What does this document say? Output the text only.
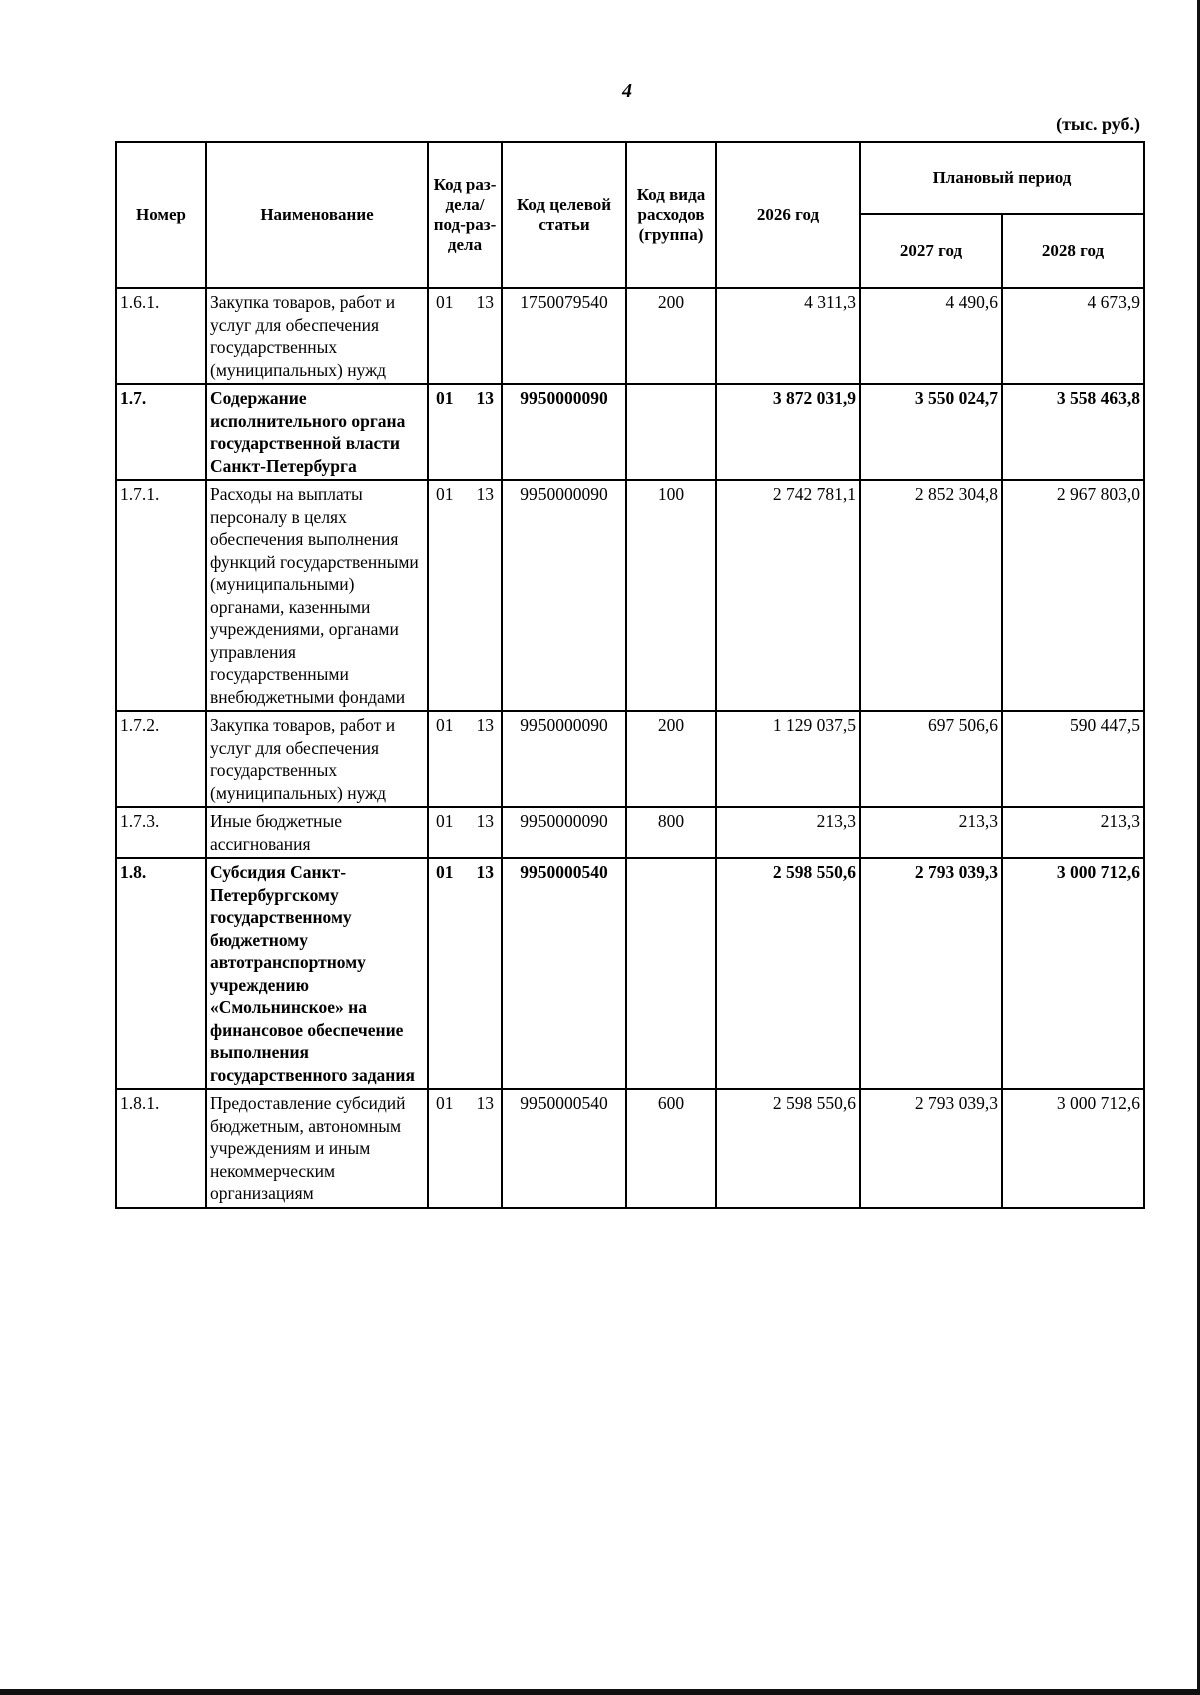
4
(тыс. руб.)
Номер	Наименование	Код раз-дела/ под-раз-дела	Код целевой статьи	Код вида расходов (группа)	2026 год	Плановый период	
						2027 год	2028 год
1.6.1.	Закупка товаров, работ и услуг для обеспечения государственных (муниципальных) нужд	01 13	1750079540	200	4 311,3	4 490,6	4 673,9
1.7.	Содержание исполнительного органа государственной власти Санкт-Петербурга	01 13	9950000090		3 872 031,9	3 550 024,7	3 558 463,8
1.7.1.	Расходы на выплаты персоналу в целях обеспечения выполнения функций государственными (муниципальными) органами, казенными учреждениями, органами управления государственными внебюджетными фондами	01 13	9950000090	100	2 742 781,1	2 852 304,8	2 967 803,0
1.7.2.	Закупка товаров, работ и услуг для обеспечения государственных (муниципальных) нужд	01 13	9950000090	200	1 129 037,5	697 506,6	590 447,5
1.7.3.	Иные бюджетные ассигнования	01 13	9950000090	800	213,3	213,3	213,3
1.8.	Субсидия Санкт-Петербургскому государственному бюджетному автотранспортному учреждению «Смольнинское» на финансовое обеспечение выполнения государственного задания	01 13	9950000540		2 598 550,6	2 793 039,3	3 000 712,6
1.8.1.	Предоставление субсидий бюджетным, автономным учреждениям и иным некоммерческим организациям	01 13	9950000540	600	2 598 550,6	2 793 039,3	3 000 712,6
